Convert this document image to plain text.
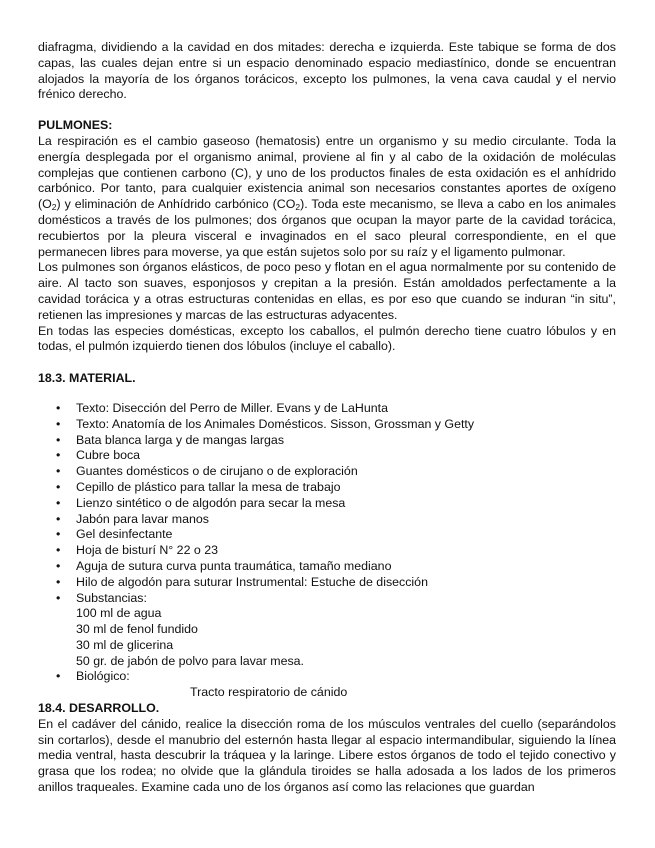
diafragma, dividiendo a la cavidad en dos mitades: derecha e izquierda. Este tabique se forma de dos capas, las cuales dejan entre si un espacio denominado espacio mediastínico, donde se encuentran alojados la mayoría de los órganos torácicos, excepto los pulmones, la vena cava caudal y el nervio frénico derecho.

PULMONES:

La respiración es el cambio gaseoso (hematosis) entre un organismo y su medio circulante. Toda la energía desplegada por el organismo animal, proviene al fin y al cabo de la oxidación de moléculas complejas que contienen carbono (C), y uno de los productos finales de esta oxidación es el anhídrido carbónico. Por tanto, para cualquier existencia animal son necesarios constantes aportes de oxígeno $(O_2)$ y eliminación de Anhídrido carbónico $(CO_2)$. Toda este mecanismo, se lleva a cabo en los animales domésticos a través de los pulmones; dos órganos que ocupan la mayor parte de la cavidad torácica, recubiertos por la pleura visceral e invaginados en el saco pleural correspondiente, en el que permanecen libres para moverse, ya que están sujetos solo por su raíz y el ligamento pulmonar.

Los pulmones son órganos elásticos, de poco peso y flotan en el agua normalmente por su contenido de aire. Al tacto son suaves, esponjosos y crepitan a la presión. Están amoldados perfectamente a la cavidad torácica y a otras estructuras contenidas en ellas, es por eso que cuando se induran “in situ”, retienen las impresiones y marcas de las estructuras adyacentes.

En todas las especies domésticas, excepto los caballos, el pulmón derecho tiene cuatro lóbulos y en todas, el pulmón izquierdo tienen dos lóbulos (incluye el caballo).

18.3. MATERIAL.
• Texto: Disección del Perro de Miller. Evans y de LaHunta
• Texto: Anatomía de los Animales Domésticos. Sisson, Grossman y Getty
• Bata blanca larga y de mangas largas
• Cubre boca
• Guantes domésticos o de cirujano o de exploración
• Cepillo de plástico para tallar la mesa de trabajo
• Lienzo sintético o de algodón para secar la mesa
• Jabón para lavar manos
• Gel desinfectante
• Hoja de bisturí N° 22 o 23
• Aguja de sutura curva punta traumática, tamaño mediano
• Hilo de algodón para suturar Instrumental: Estuche de disección
• Substancias:
100 ml de agua
30 ml de fenol fundido
30 ml de glicerina
50 gr. de jabón de polvo para lavar mesa.
• Biológico:
Tracto respiratorio de cánido
18.4. DESARROLLO.

En el cadáver del cánido, realice la disección roma de los músculos ventrales del cuello (separándolos sin cortarlos), desde el manubrio del esternón hasta llegar al espacio intermandibular, siguiendo la línea media ventral, hasta descubrir la tráquea y la laringe. Libere estos órganos de todo el tejido conectivo y grasa que los rodea; no olvide que la glándula tiroides se halla adosada a los lados de los primeros anillos traqueales. Examine cada uno de los órganos así como las relaciones que guardan
